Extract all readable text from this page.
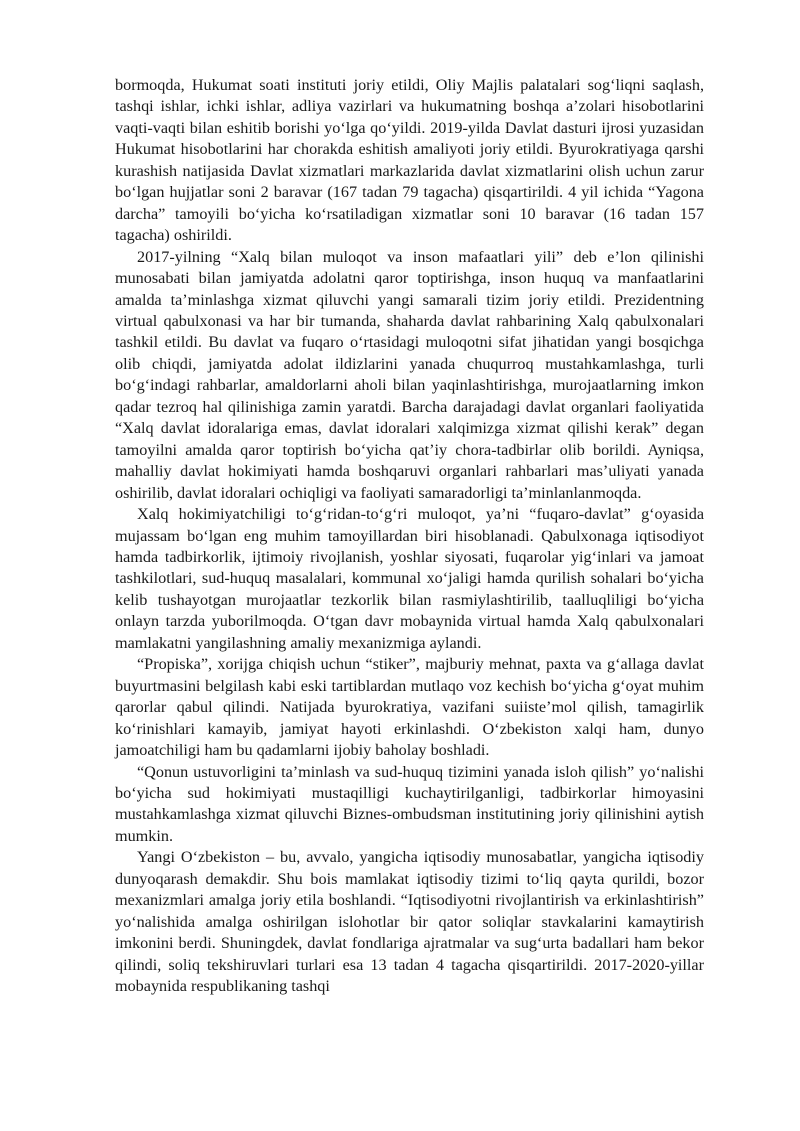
bormoqda, Hukumat soati instituti joriy etildi, Oliy Majlis palatalari sog‘liqni saqlash, tashqi ishlar, ichki ishlar, adliya vazirlari va hukumatning boshqa a’zolari hisobotlarini vaqti-vaqti bilan eshitib borishi yo‘lga qo‘yildi. 2019-yilda Davlat dasturi ijrosi yuzasidan Hukumat hisobotlarini har chorakda eshitish amaliyoti joriy etildi. Byurokratiyaga qarshi kurashish natijasida Davlat xizmatlari markazlarida davlat xizmatlarini olish uchun zarur bo‘lgan hujjatlar soni 2 baravar (167 tadan 79 tagacha) qisqartirildi. 4 yil ichida “Yagona darcha” tamoyili bo‘yicha ko‘rsatiladigan xizmatlar soni 10 baravar (16 tadan 157 tagacha) oshirildi.

2017-yilning “Xalq bilan muloqot va inson mafaatlari yili” deb e’lon qilinishi munosabati bilan jamiyatda adolatni qaror toptirishga, inson huquq va manfaatlarini amalda ta’minlashga xizmat qiluvchi yangi samarali tizim joriy etildi. Prezidentning virtual qabulxonasi va har bir tumanda, shaharda davlat rahbarining Xalq qabulxonalari tashkil etildi. Bu davlat va fuqaro o‘rtasidagi muloqotni sifat jihatidan yangi bosqichga olib chiqdi, jamiyatda adolat ildizlarini yanada chuqurroq mustahkamlashga, turli bo‘g‘indagi rahbarlar, amaldorlarni aholi bilan yaqinlashtirishga, murojaatlarning imkon qadar tezroq hal qilinishiga zamin yaratdi. Barcha darajadagi davlat organlari faoliyatida “Xalq davlat idoralariga emas, davlat idoralari xalqimizga xizmat qilishi kerak” degan tamoyilni amalda qaror toptirish bo‘yicha qat’iy chora-tadbirlar olib borildi. Ayniqsa, mahalliy davlat hokimiyati hamda boshqaruvi organlari rahbarlari mas’uliyati yanada oshirilib, davlat idoralari ochiqligi va faoliyati samaradorligi ta’minlanlanmoqda.

Xalq hokimiyatchiligi to‘g‘ridan-to‘g‘ri muloqot, ya’ni “fuqaro-davlat” g‘oyasida mujassam bo‘lgan eng muhim tamoyillardan biri hisoblanadi. Qabulxonaga iqtisodiyot hamda tadbirkorlik, ijtimoiy rivojlanish, yoshlar siyosati, fuqarolar yig‘inlari va jamoat tashkilotlari, sud-huquq masalalari, kommunal xo‘jaligi hamda qurilish sohalari bo‘yicha kelib tushayotgan murojaatlar tezkorlik bilan rasmiylashtirilib, taalluqliligi bo‘yicha onlayn tarzda yuborilmoqda. O‘tgan davr mobaynida virtual hamda Xalq qabulxonalari mamlakatni yangilashning amaliy mexanizmiga aylandi.

“Propiska”, xorijga chiqish uchun “stiker”, majburiy mehnat, paxta va g‘allaga davlat buyurtmasini belgilash kabi eski tartiblardan mutlaqo voz kechish bo‘yicha g‘oyat muhim qarorlar qabul qilindi. Natijada byurokratiya, vazifani suiiste’mol qilish, tamagirlik ko‘rinishlari kamayib, jamiyat hayoti erkinlashdi. O‘zbekiston xalqi ham, dunyo jamoatchiligi ham bu qadamlarni ijobiy baholay boshladi.

“Qonun ustuvorligini ta’minlash va sud-huquq tizimini yanada isloh qilish” yo‘nalishi bo‘yicha sud hokimiyati mustaqilligi kuchaytirilganligi, tadbirkorlar himoyasini mustahkamlashga xizmat qiluvchi Biznes-ombudsman institutining joriy qilinishini aytish mumkin.

Yangi O‘zbekiston – bu, avvalo, yangicha iqtisodiy munosabatlar, yangicha iqtisodiy dunyoqarash demakdir. Shu bois mamlakat iqtisodiy tizimi to‘liq qayta qurildi, bozor mexanizmlari amalga joriy etila boshlandi. “Iqtisodiyotni rivojlantirish va erkinlashtirish” yo‘nalishida amalga oshirilgan islohotlar bir qator soliqlar stavkalarini kamaytirish imkonini berdi. Shuningdek, davlat fondlariga ajratmalar va sug‘urta badallari ham bekor qilindi, soliq tekshiruvlari turlari esa 13 tadan 4 tagacha qisqartirildi. 2017-2020-yillar mobaynida respublikaning tashqi
